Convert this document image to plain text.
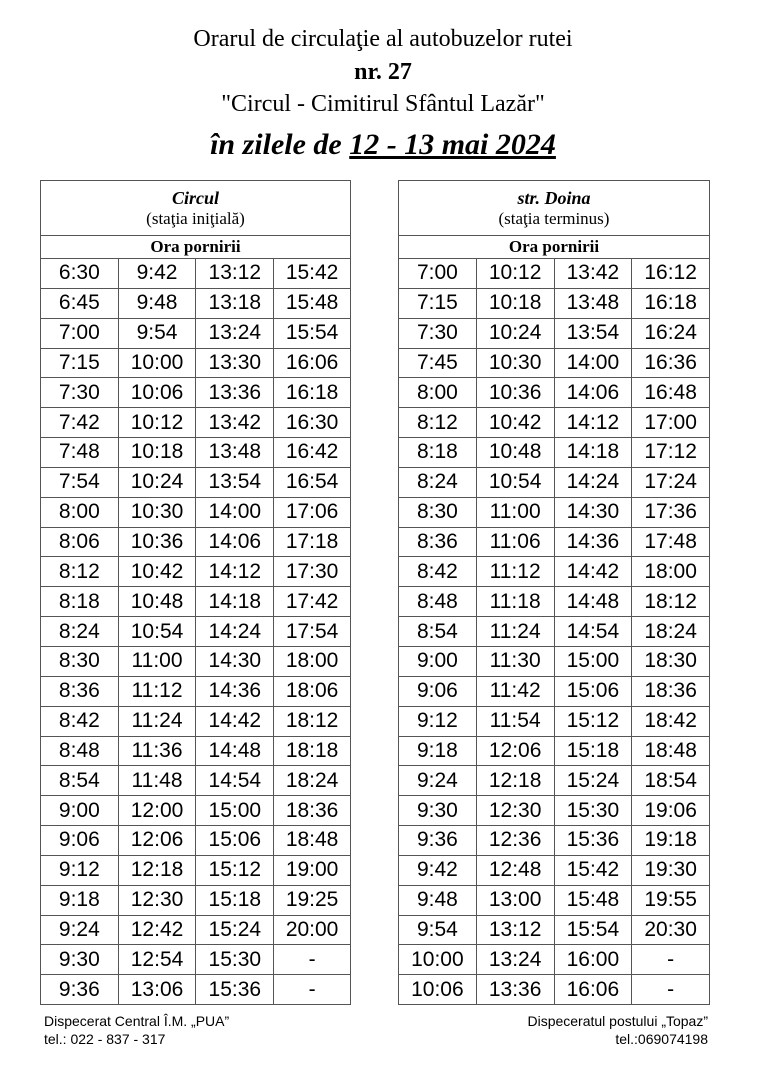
Orarul de circulaţie al autobuzelor rutei
nr. 27
"Circul - Cimitirul Sfântul Lazăr"
în zilele de 12 - 13 mai 2024
Circul			
(staţia iniţială)			
Ora pornirii			
6:30	9:42	13:12	15:42
6:45	9:48	13:18	15:48
7:00	9:54	13:24	15:54
7:15	10:00	13:30	16:06
7:30	10:06	13:36	16:18
7:42	10:12	13:42	16:30
7:48	10:18	13:48	16:42
7:54	10:24	13:54	16:54
8:00	10:30	14:00	17:06
8:06	10:36	14:06	17:18
8:12	10:42	14:12	17:30
8:18	10:48	14:18	17:42
8:24	10:54	14:24	17:54
8:30	11:00	14:30	18:00
8:36	11:12	14:36	18:06
8:42	11:24	14:42	18:12
8:48	11:36	14:48	18:18
8:54	11:48	14:54	18:24
9:00	12:00	15:00	18:36
9:06	12:06	15:06	18:48
9:12	12:18	15:12	19:00
9:18	12:30	15:18	19:25
9:24	12:42	15:24	20:00
9:30	12:54	15:30	-
9:36	13:06	15:36	-
str. Doina			
(staţia terminus)			
Ora pornirii			
7:00	10:12	13:42	16:12
7:15	10:18	13:48	16:18
7:30	10:24	13:54	16:24
7:45	10:30	14:00	16:36
8:00	10:36	14:06	16:48
8:12	10:42	14:12	17:00
8:18	10:48	14:18	17:12
8:24	10:54	14:24	17:24
8:30	11:00	14:30	17:36
8:36	11:06	14:36	17:48
8:42	11:12	14:42	18:00
8:48	11:18	14:48	18:12
8:54	11:24	14:54	18:24
9:00	11:30	15:00	18:30
9:06	11:42	15:06	18:36
9:12	11:54	15:12	18:42
9:18	12:06	15:18	18:48
9:24	12:18	15:24	18:54
9:30	12:30	15:30	19:06
9:36	12:36	15:36	19:18
9:42	12:48	15:42	19:30
9:48	13:00	15:48	19:55
9:54	13:12	15:54	20:30
10:00	13:24	16:00	-
10:06	13:36	16:06	-
Dispecerat Central Î.M. „PUA”
tel.: 022 - 837 - 317
Dispeceratul postului „Topaz”
tel.:069074198
